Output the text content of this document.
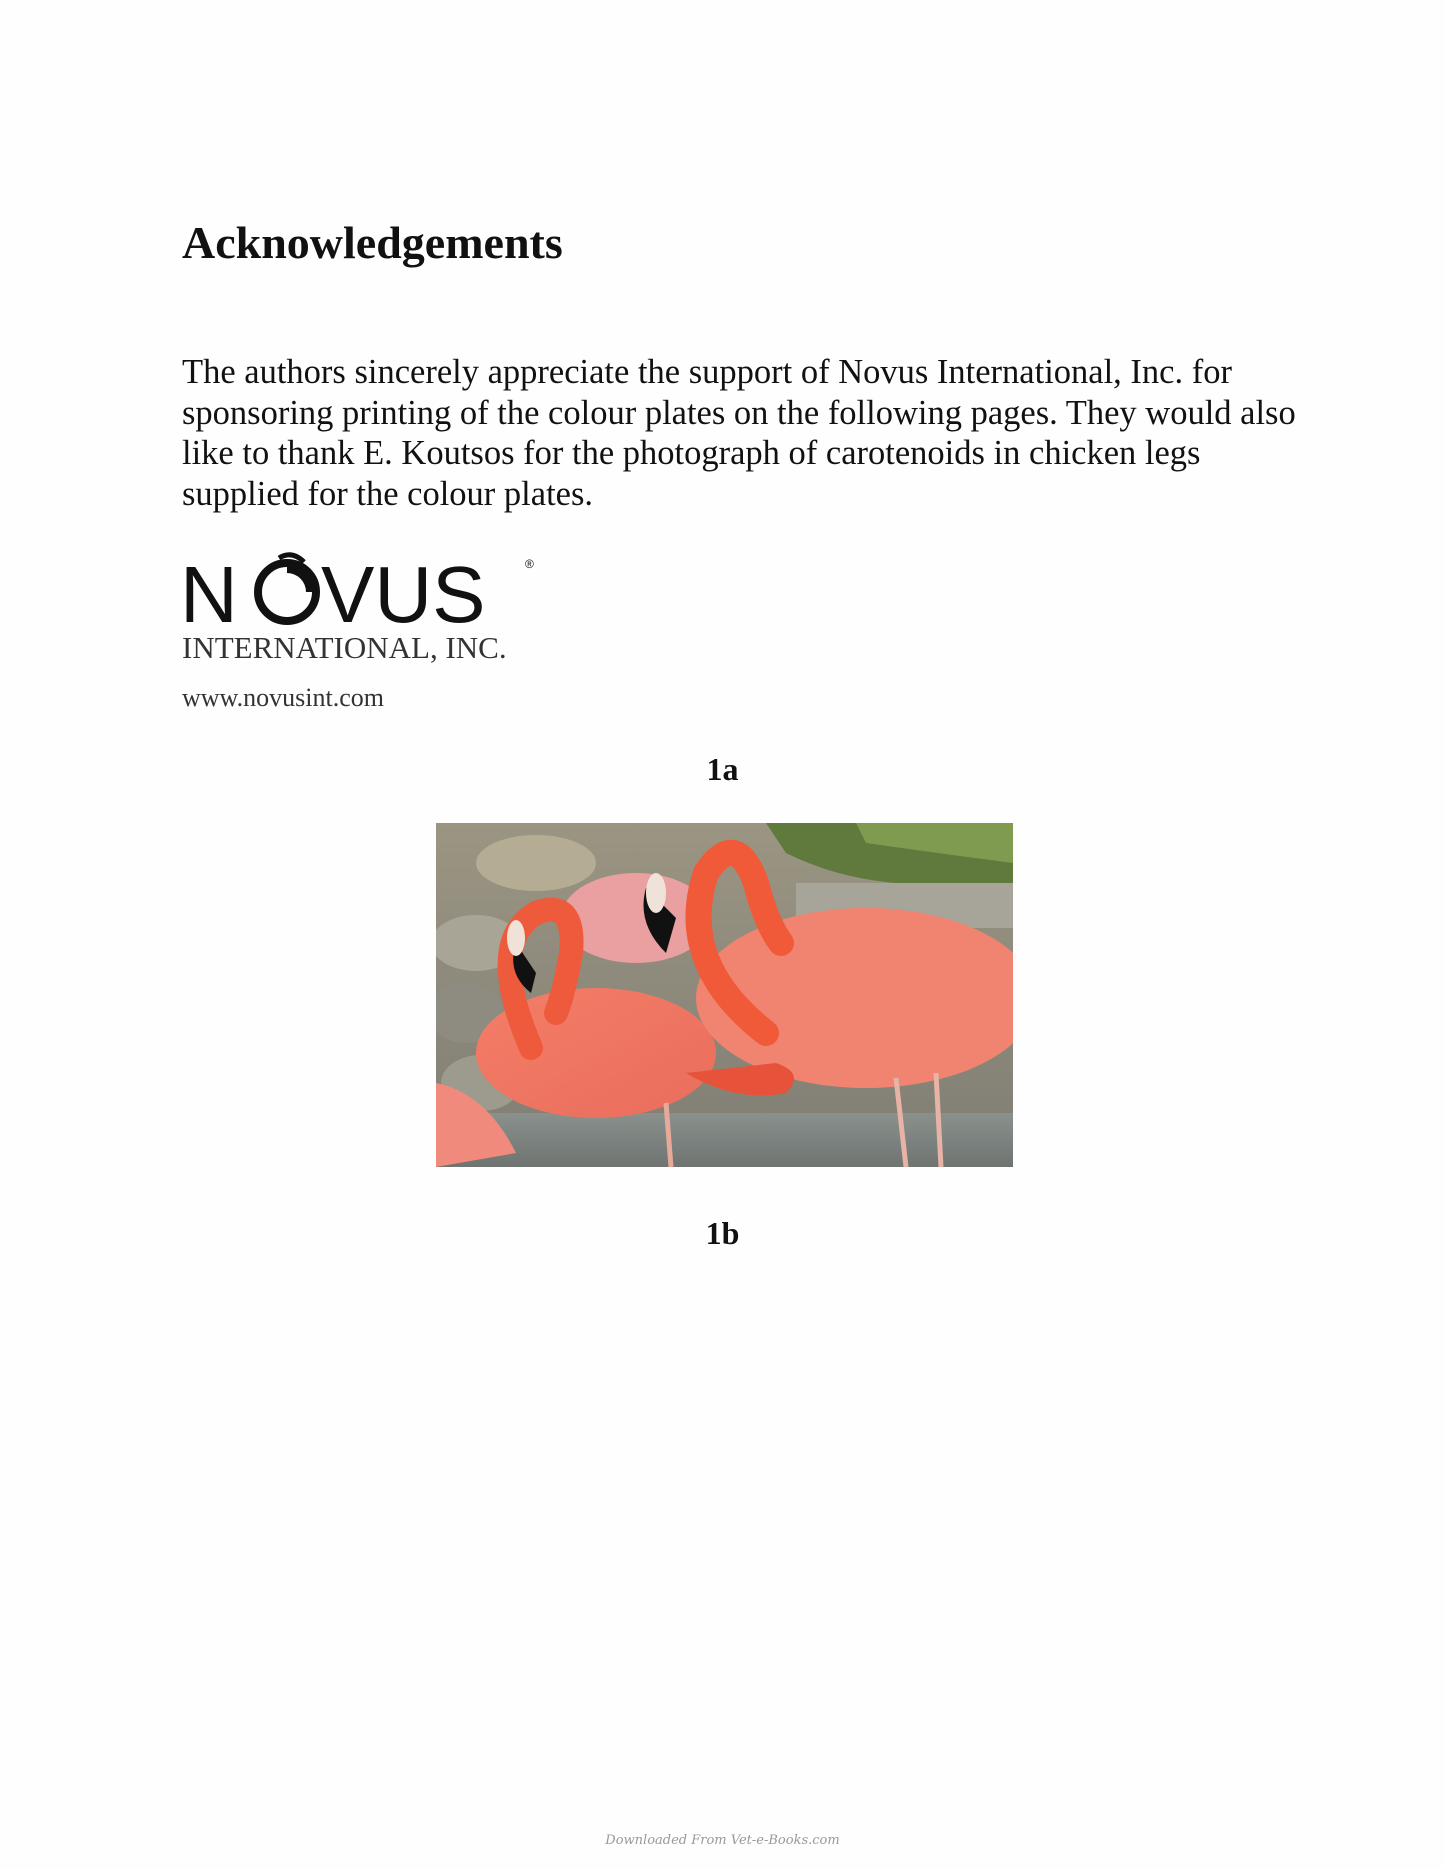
Acknowledgements

The authors sincerely appreciate the support of Novus International, Inc. for sponsoring printing of the colour plates on the following pages. They would also like to thank E. Koutsos for the photograph of carotenoids in chicken legs supplied for the colour plates.

N VUS	®
INTERNATIONAL, INC.
www.novusint.com
1a
1b
Downloaded From Vet-e-Books.com
